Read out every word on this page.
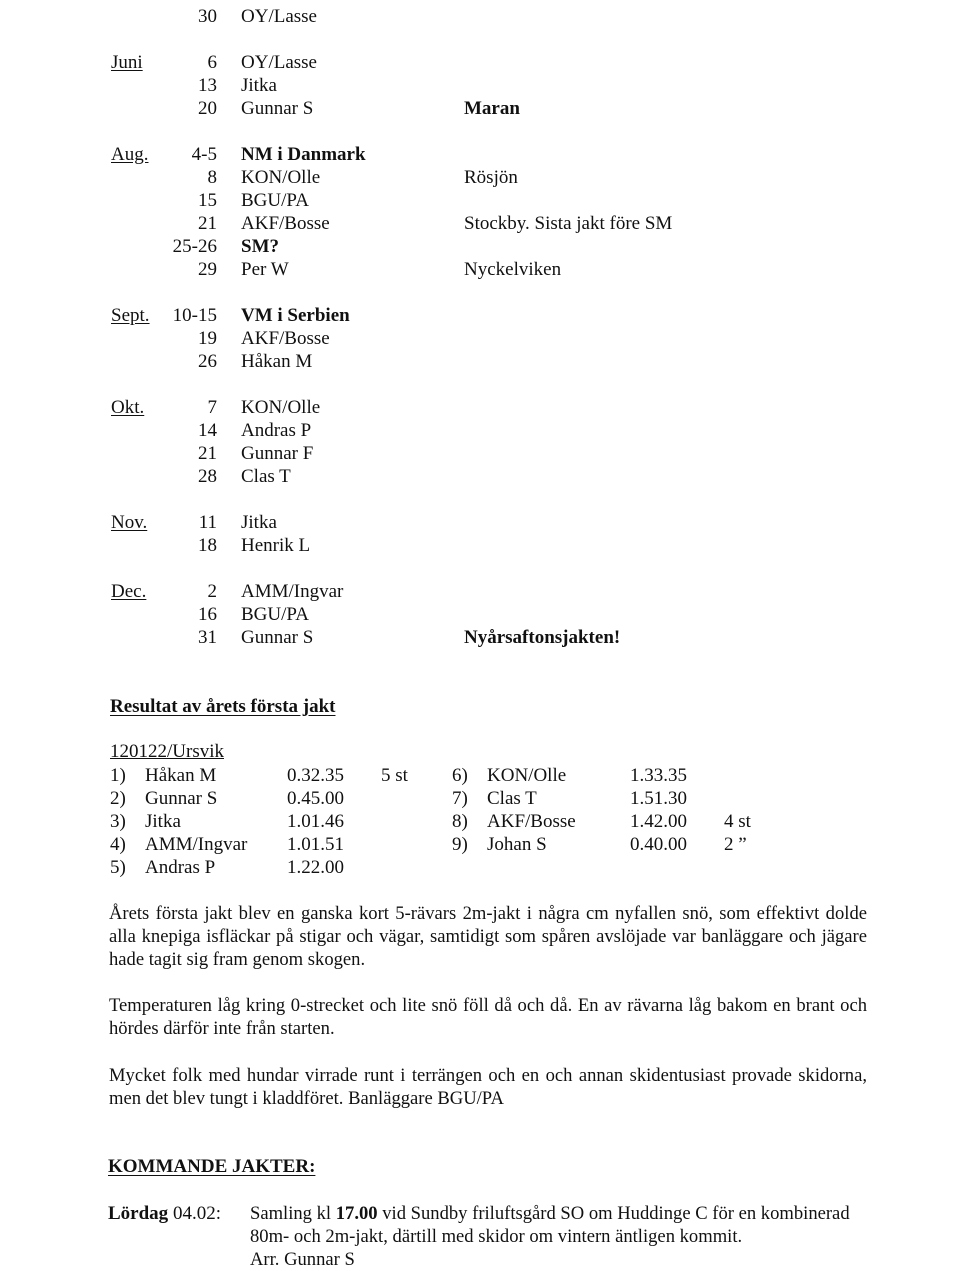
30 OY/Lasse
Juni	6 OY/Lasse
13 Jitka
20 Gunnar S	Maran
Aug.	4-5 NM i Danmark
8 KON/Olle	Rösjön
15 BGU/PA
21 AKF/Bosse	Stockby. Sista jakt före SM
25-26 SM?
29 Per W	Nyckelviken
Sept.	10-15 VM i Serbien
19 AKF/Bosse
26 Håkan M
Okt.	7 KON/Olle
14 Andras P
21 Gunnar F
28 Clas T
Nov.	11 Jitka
18 Henrik L
Dec.	2 AMM/Ingvar
16 BGU/PA
31 Gunnar S	Nyårsaftonsjakten!
Resultat av årets första jakt
120122/Ursvik
1) Håkan M	0.32.35 5 st
2) Gunnar S	0.45.00
3) Jitka	1.01.46
4) AMM/Ingvar 1.01.51
5) Andras P	1.22.00
6) KON/Olle	1.33.35
7) Clas T	1.51.30
8) AKF/Bosse	1.42.00 4 st
9) Johan S	0.40.00 2 ”
Årets första jakt blev en ganska kort 5-rävars 2m-jakt i några cm nyfallen snö, som effektivt dolde alla knepiga isfläckar på stigar och vägar, samtidigt som spåren avslöjade var banläggare och jägare hade tagit sig fram genom skogen.
Temperaturen låg kring 0-strecket och lite snö föll då och då. En av rävarna låg bakom en brant och hördes därför inte från starten.
Mycket folk med hundar virrade runt i terrängen och en och annan skidentusiast provade skidorna, men det blev tungt i kladdföret. Banläggare BGU/PA
KOMMANDE JAKTER:
Lördag 04.02: Samling kl 17.00 vid Sundby friluftsgård SO om Huddinge C för en kombinerad 80m- och 2m-jakt, därtill med skidor om vintern äntligen kommit.
Arr. Gunnar S
